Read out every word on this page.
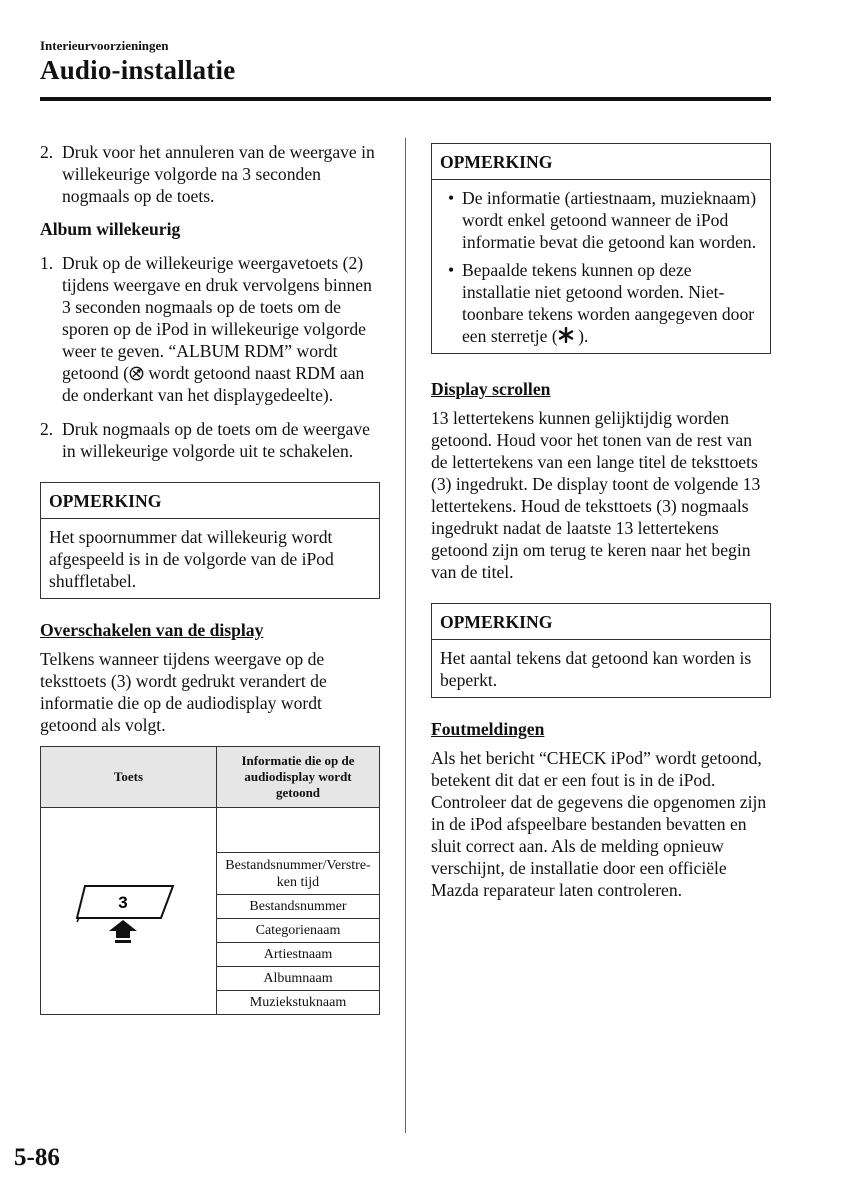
Interieurvoorzieningen
Audio-installatie
2. Druk voor het annuleren van de weergave in willekeurige volgorde na 3 seconden nogmaals op de toets.
Album willekeurig
1. Druk op de willekeurige weergavetoets (2) tijdens weergave en druk vervolgens binnen 3 seconden nogmaals op de toets om de sporen op de iPod in willekeurige volgorde weer te geven. “ALBUM RDM” wordt getoond ( wordt getoond naast RDM aan de onderkant van het displaygedeelte).
2. Druk nogmaals op de toets om de weergave in willekeurige volgorde uit te schakelen.
OPMERKING
Het spoornummer dat willekeurig wordt afgespeeld is in de volgorde van de iPod shuffletabel.
Overschakelen van de display
Telkens wanneer tijdens weergave op de teksttoets (3) wordt gedrukt verandert de informatie die op de audiodisplay wordt getoond als volgt.
Toets	Informatie die op de audiodisplay wordt getoond

3	

	Bestandsnummer/Verstre-ken tijd
	Bestandsnummer
	Categorienaam
	Artiestnaam
	Albumnaam
	Muziekstuknaam
OPMERKING
• De informatie (artiestnaam, muzieknaam) wordt enkel getoond wanneer de iPod informatie bevat die getoond kan worden.
• Bepaalde tekens kunnen op deze installatie niet getoond worden. Niet-toonbare tekens worden aangegeven door een sterretje ( ).
Display scrollen
13 lettertekens kunnen gelijktijdig worden getoond. Houd voor het tonen van de rest van de lettertekens van een lange titel de teksttoets (3) ingedrukt. De display toont de volgende 13 lettertekens. Houd de teksttoets (3) nogmaals ingedrukt nadat de laatste 13 lettertekens getoond zijn om terug te keren naar het begin van de titel.
OPMERKING
Het aantal tekens dat getoond kan worden is beperkt.
Foutmeldingen
Als het bericht “CHECK iPod” wordt getoond, betekent dit dat er een fout is in de iPod. Controleer dat de gegevens die opgenomen zijn in de iPod afspeelbare bestanden bevatten en sluit correct aan. Als de melding opnieuw verschijnt, de installatie door een officiële Mazda reparateur laten controleren.
5-86
